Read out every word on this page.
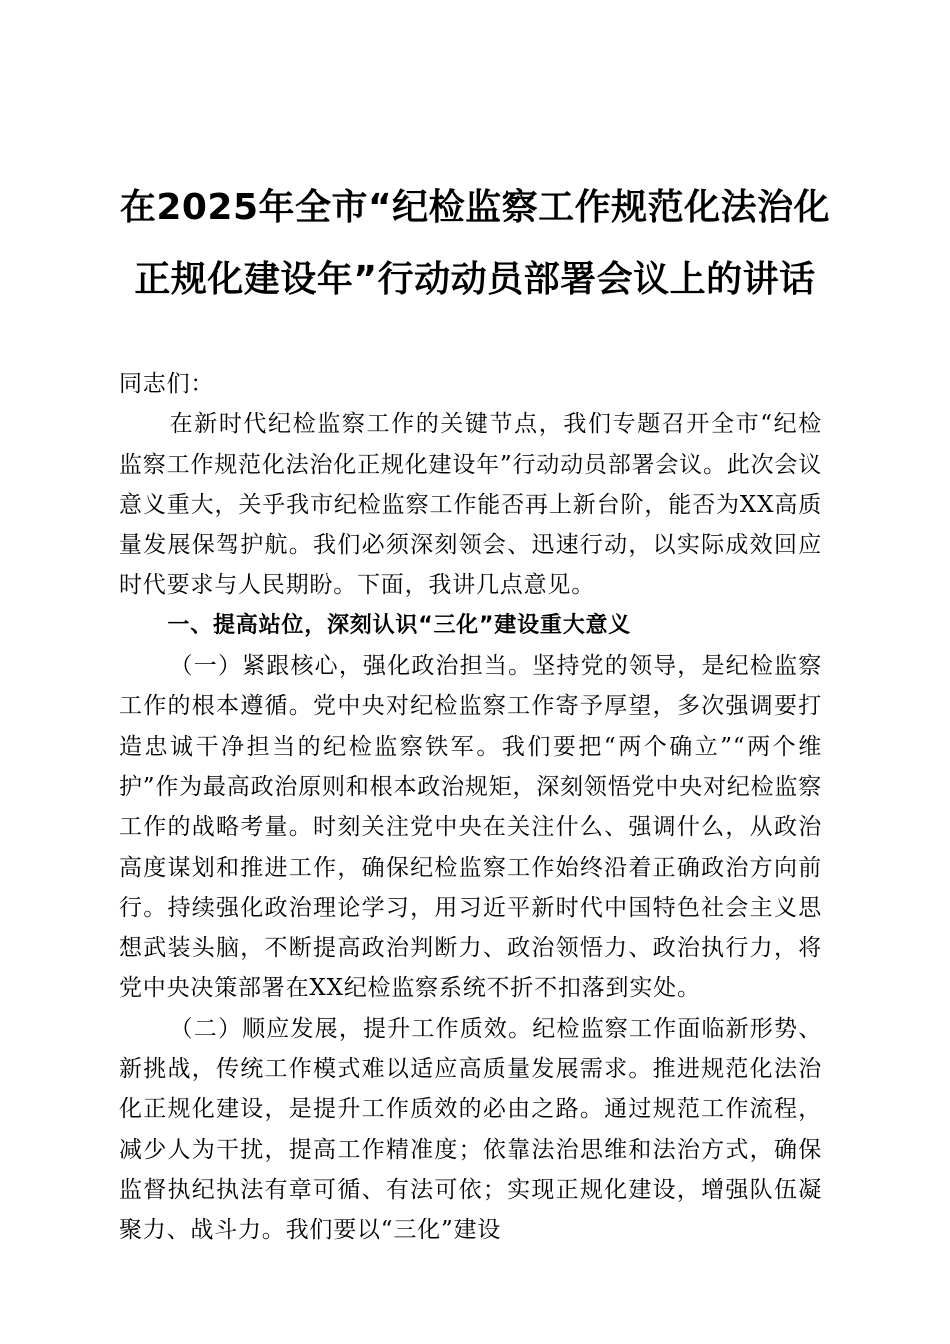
在2025年全市“纪检监察工作规范化法治化
正规化建设年”行动动员部署会议上的讲话

同志们：

在新时代纪检监察工作的关键节点，我们专题召开全市“纪检监察工作规范化法治化正规化建设年”行动动员部署会议。此次会议意义重大，关乎我市纪检监察工作能否再上新台阶，能否为XX高质量发展保驾护航。我们必须深刻领会、迅速行动，以实际成效回应时代要求与人民期盼。下面，我讲几点意见。

一、提高站位，深刻认识“三化”建设重大意义

（一）紧跟核心，强化政治担当。坚持党的领导，是纪检监察工作的根本遵循。党中央对纪检监察工作寄予厚望，多次强调要打造忠诚干净担当的纪检监察铁军。我们要把“两个确立”“两个维护”作为最高政治原则和根本政治规矩，深刻领悟党中央对纪检监察工作的战略考量。时刻关注党中央在关注什么、强调什么，从政治高度谋划和推进工作，确保纪检监察工作始终沿着正确政治方向前行。持续强化政治理论学习，用习近平新时代中国特色社会主义思想武装头脑，不断提高政治判断力、政治领悟力、政治执行力，将党中央决策部署在XX纪检监察系统不折不扣落到实处。

（二）顺应发展，提升工作质效。纪检监察工作面临新形势、新挑战，传统工作模式难以适应高质量发展需求。推进规范化法治化正规化建设，是提升工作质效的必由之路。通过规范工作流程，减少人为干扰，提高工作精准度；依靠法治思维和法治方式，确保监督执纪执法有章可循、有法可依；实现正规化建设，增强队伍凝聚力、战斗力。我们要以“三化”建设
